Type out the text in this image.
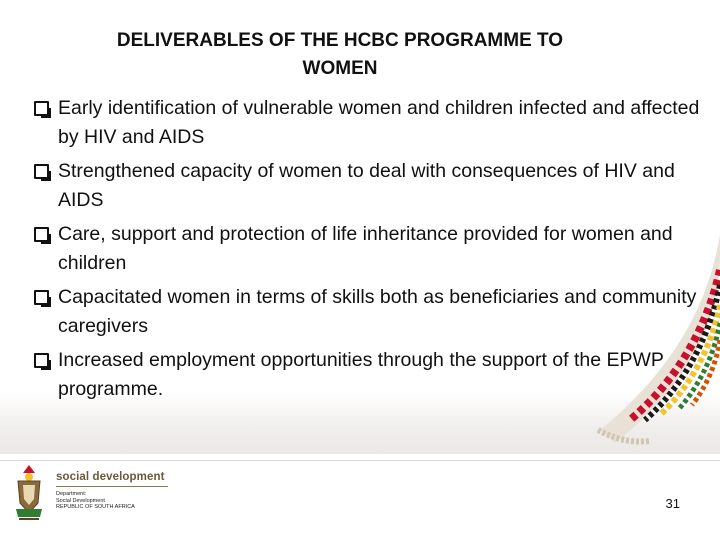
DELIVERABLES OF THE HCBC PROGRAMME TO
WOMEN
Early identification of vulnerable women and children infected and affected by HIV and AIDS
Strengthened capacity of women to deal with consequences of HIV and AIDS
Care, support and protection of life inheritance provided for women and children
Capacitated women in terms of skills both as beneficiaries and community caregivers
Increased employment opportunities through the support of the EPWP programme.
social development
Department:
Social Development
REPUBLIC OF SOUTH AFRICA	31
